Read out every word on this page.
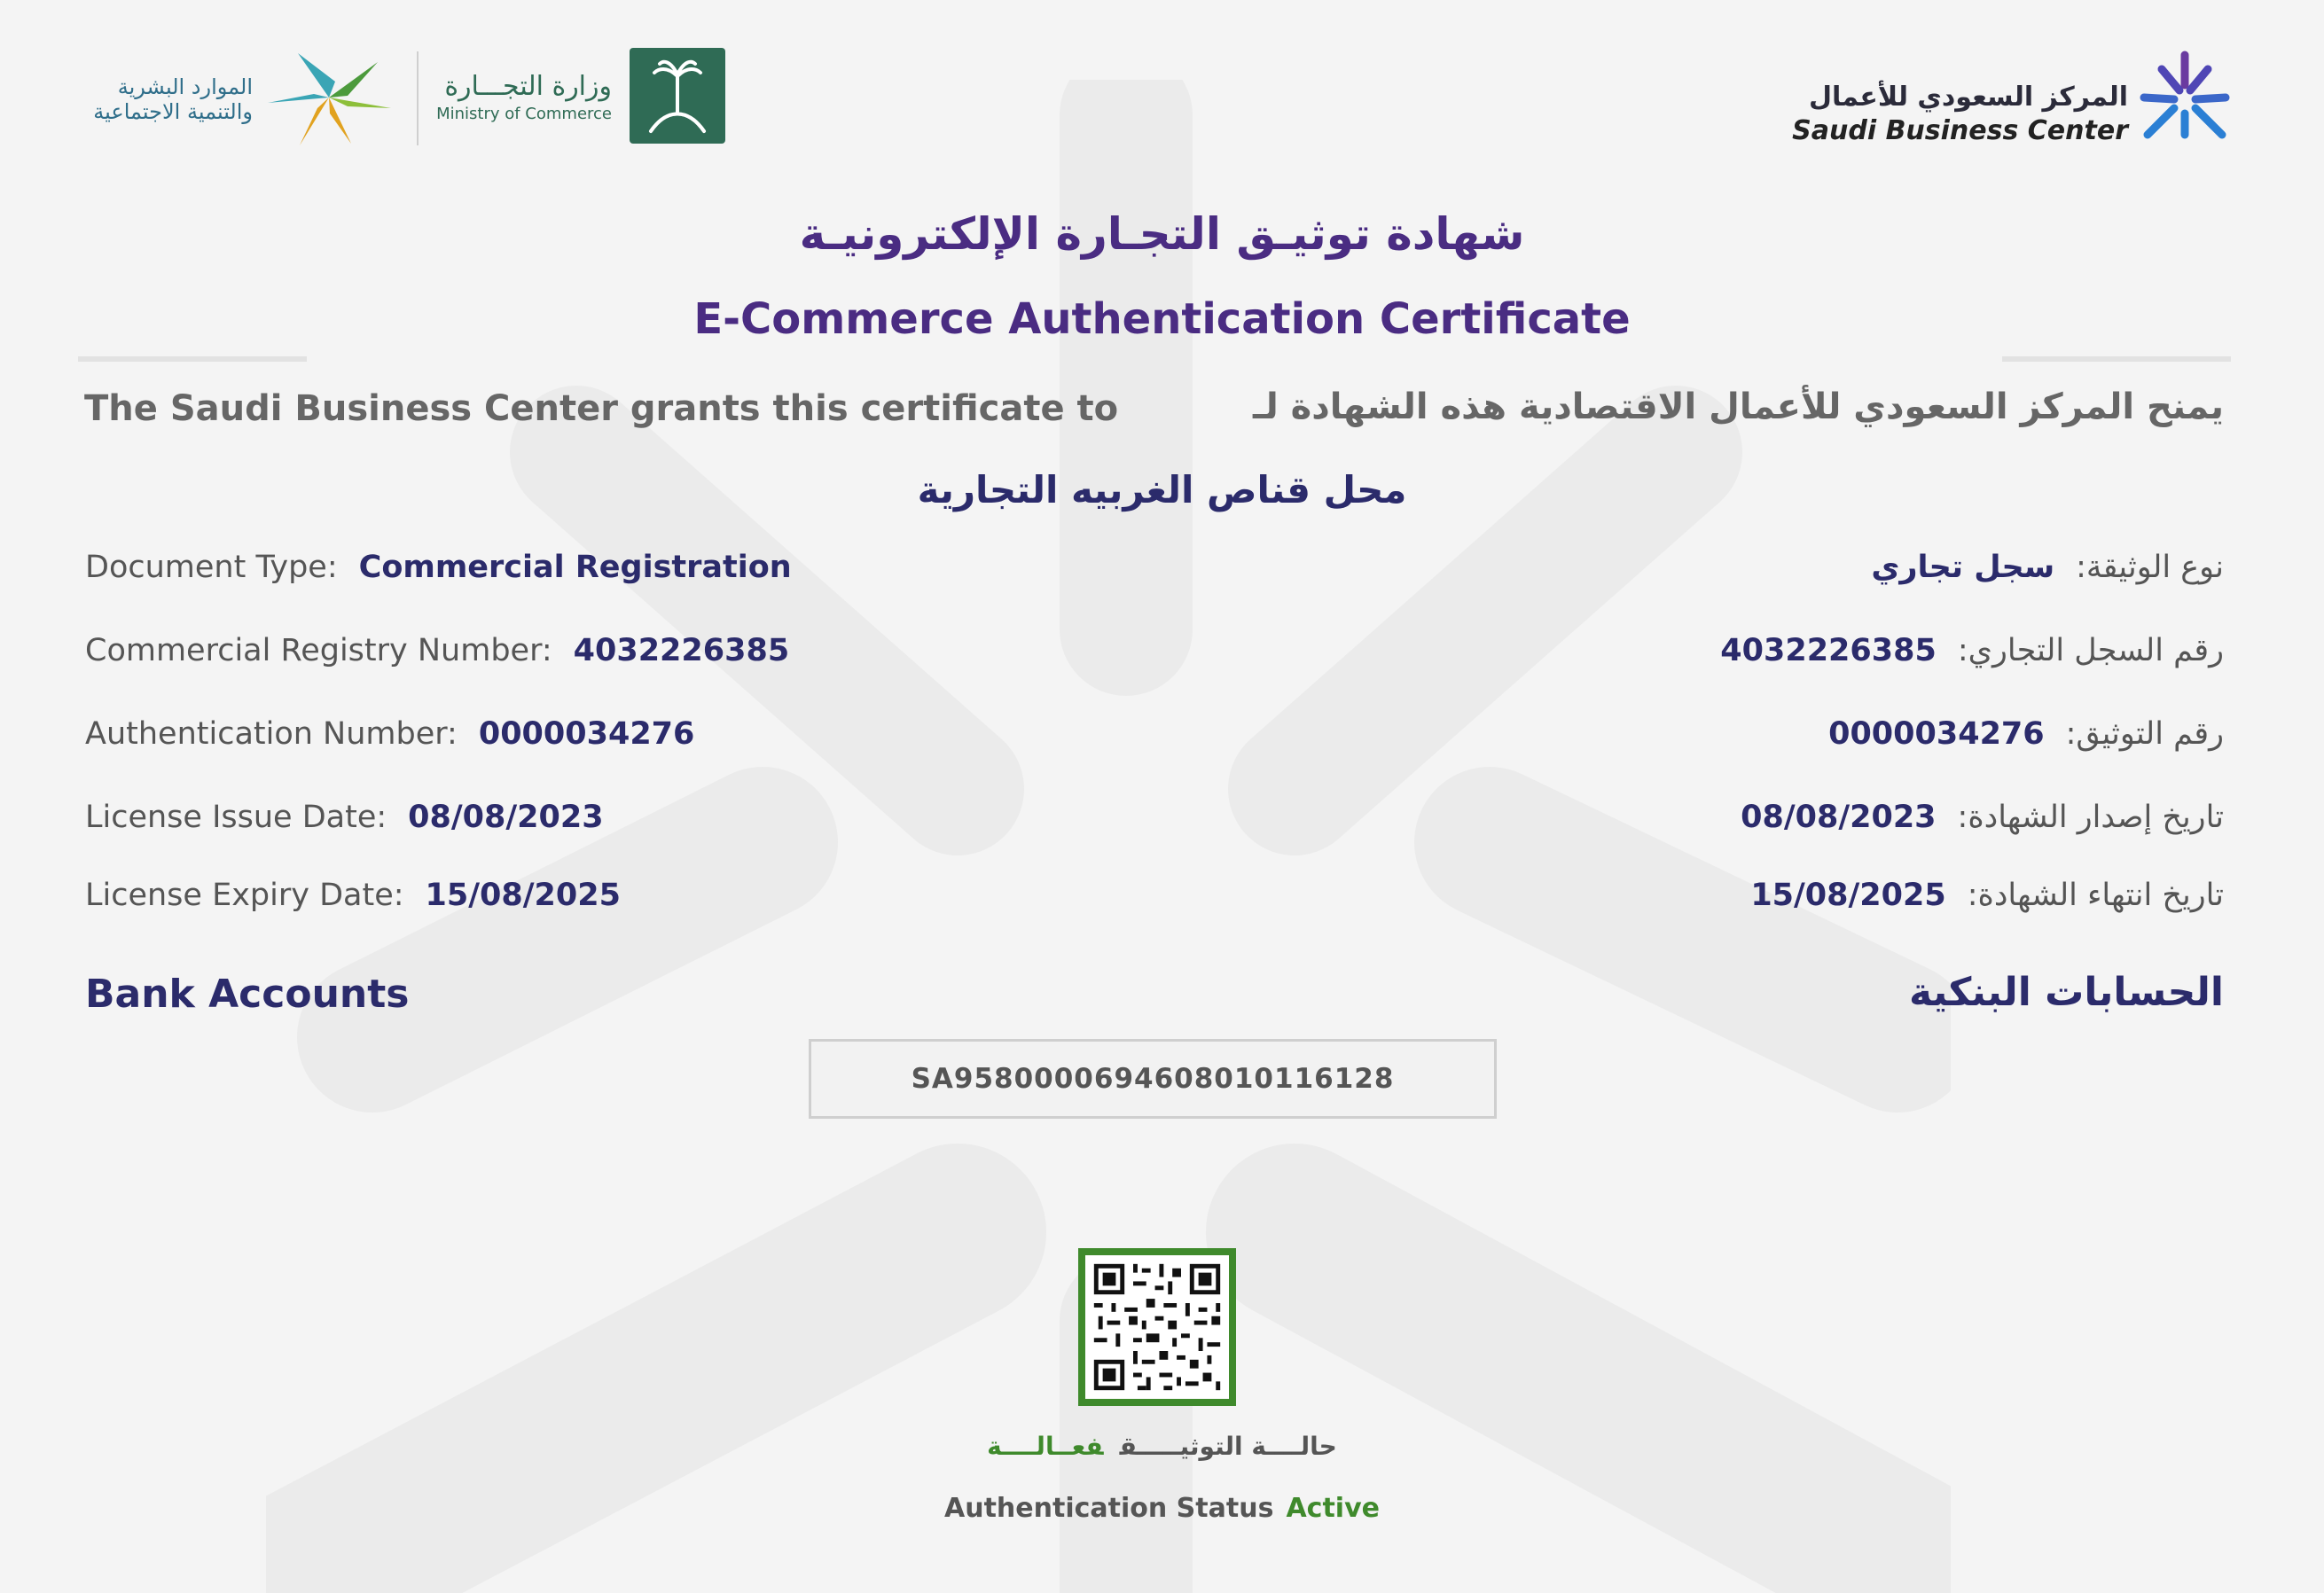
المركز السعودي للأعمال
Saudi Business Center
وزارة التجـــارة
Ministry of Commerce
الموارد البشرية
والتنمية الاجتماعية
شهادة توثيـق التجـارة الإلكترونيـة
E-Commerce Authentication Certificate
The Saudi Business Center grants this certificate to	يمنح المركز السعودي للأعمال الاقتصادية هذه الشهادة لـ
محل قناص الغربيه التجارية
Document Type: Commercial Registration	نوع الوثيقة:سجل تجاري
Commercial Registry Number: 4032226385	رقم السجل التجاري:4032226385
Authentication Number: 0000034276	رقم التوثيق:0000034276
License Issue Date: 08/08/2023	تاريخ إصدار الشهادة:08/08/2023
License Expiry Date: 15/08/2025	تاريخ انتهاء الشهادة:15/08/2025
Bank Accounts	الحسابات البنكية
SA9580000694608010116128
حالــــة التوثيـــــقفعــالــــة
Authentication Status Active
